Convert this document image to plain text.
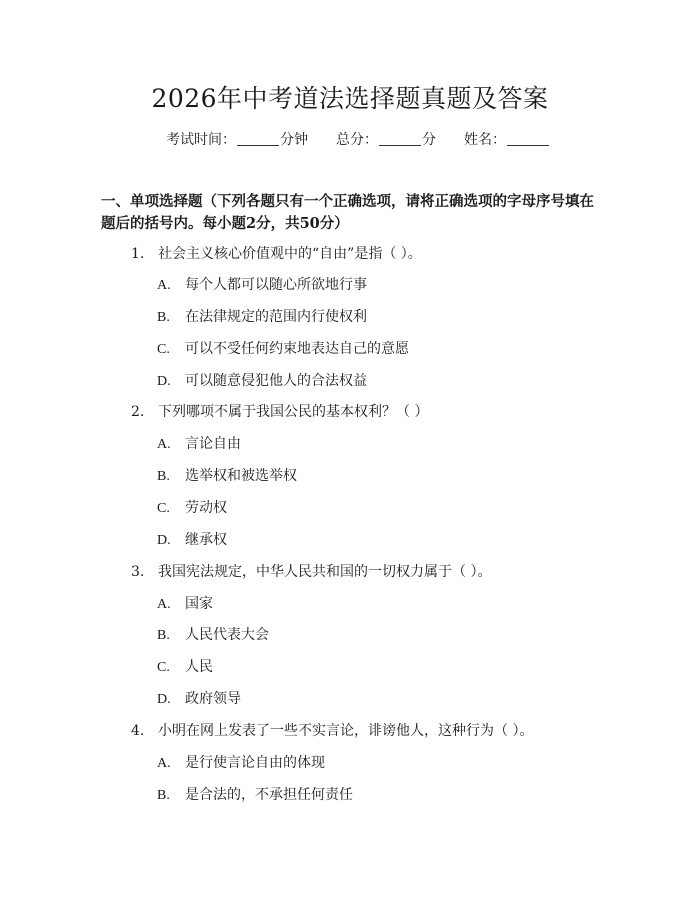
2026年中考道法选择题真题及答案
考试时间：	分钟 总分：	分 姓名：
一、单项选择题（下列各题只有一个正确选项，请将正确选项的字母序号填在题后的括号内。每小题2分，共50分）
1. 社会主义核心价值观中的“自由”是指（ ）。
A. 每个人都可以随心所欲地行事
B. 在法律规定的范围内行使权利
C. 可以不受任何约束地表达自己的意愿
D. 可以随意侵犯他人的合法权益
2. 下列哪项不属于我国公民的基本权利？（ ）
A. 言论自由
B. 选举权和被选举权
C. 劳动权
D. 继承权
3. 我国宪法规定，中华人民共和国的一切权力属于（ ）。
A. 国家
B. 人民代表大会
C. 人民
D. 政府领导
4. 小明在网上发表了一些不实言论，诽谤他人，这种行为（ ）。
A. 是行使言论自由的体现
B. 是合法的，不承担任何责任
